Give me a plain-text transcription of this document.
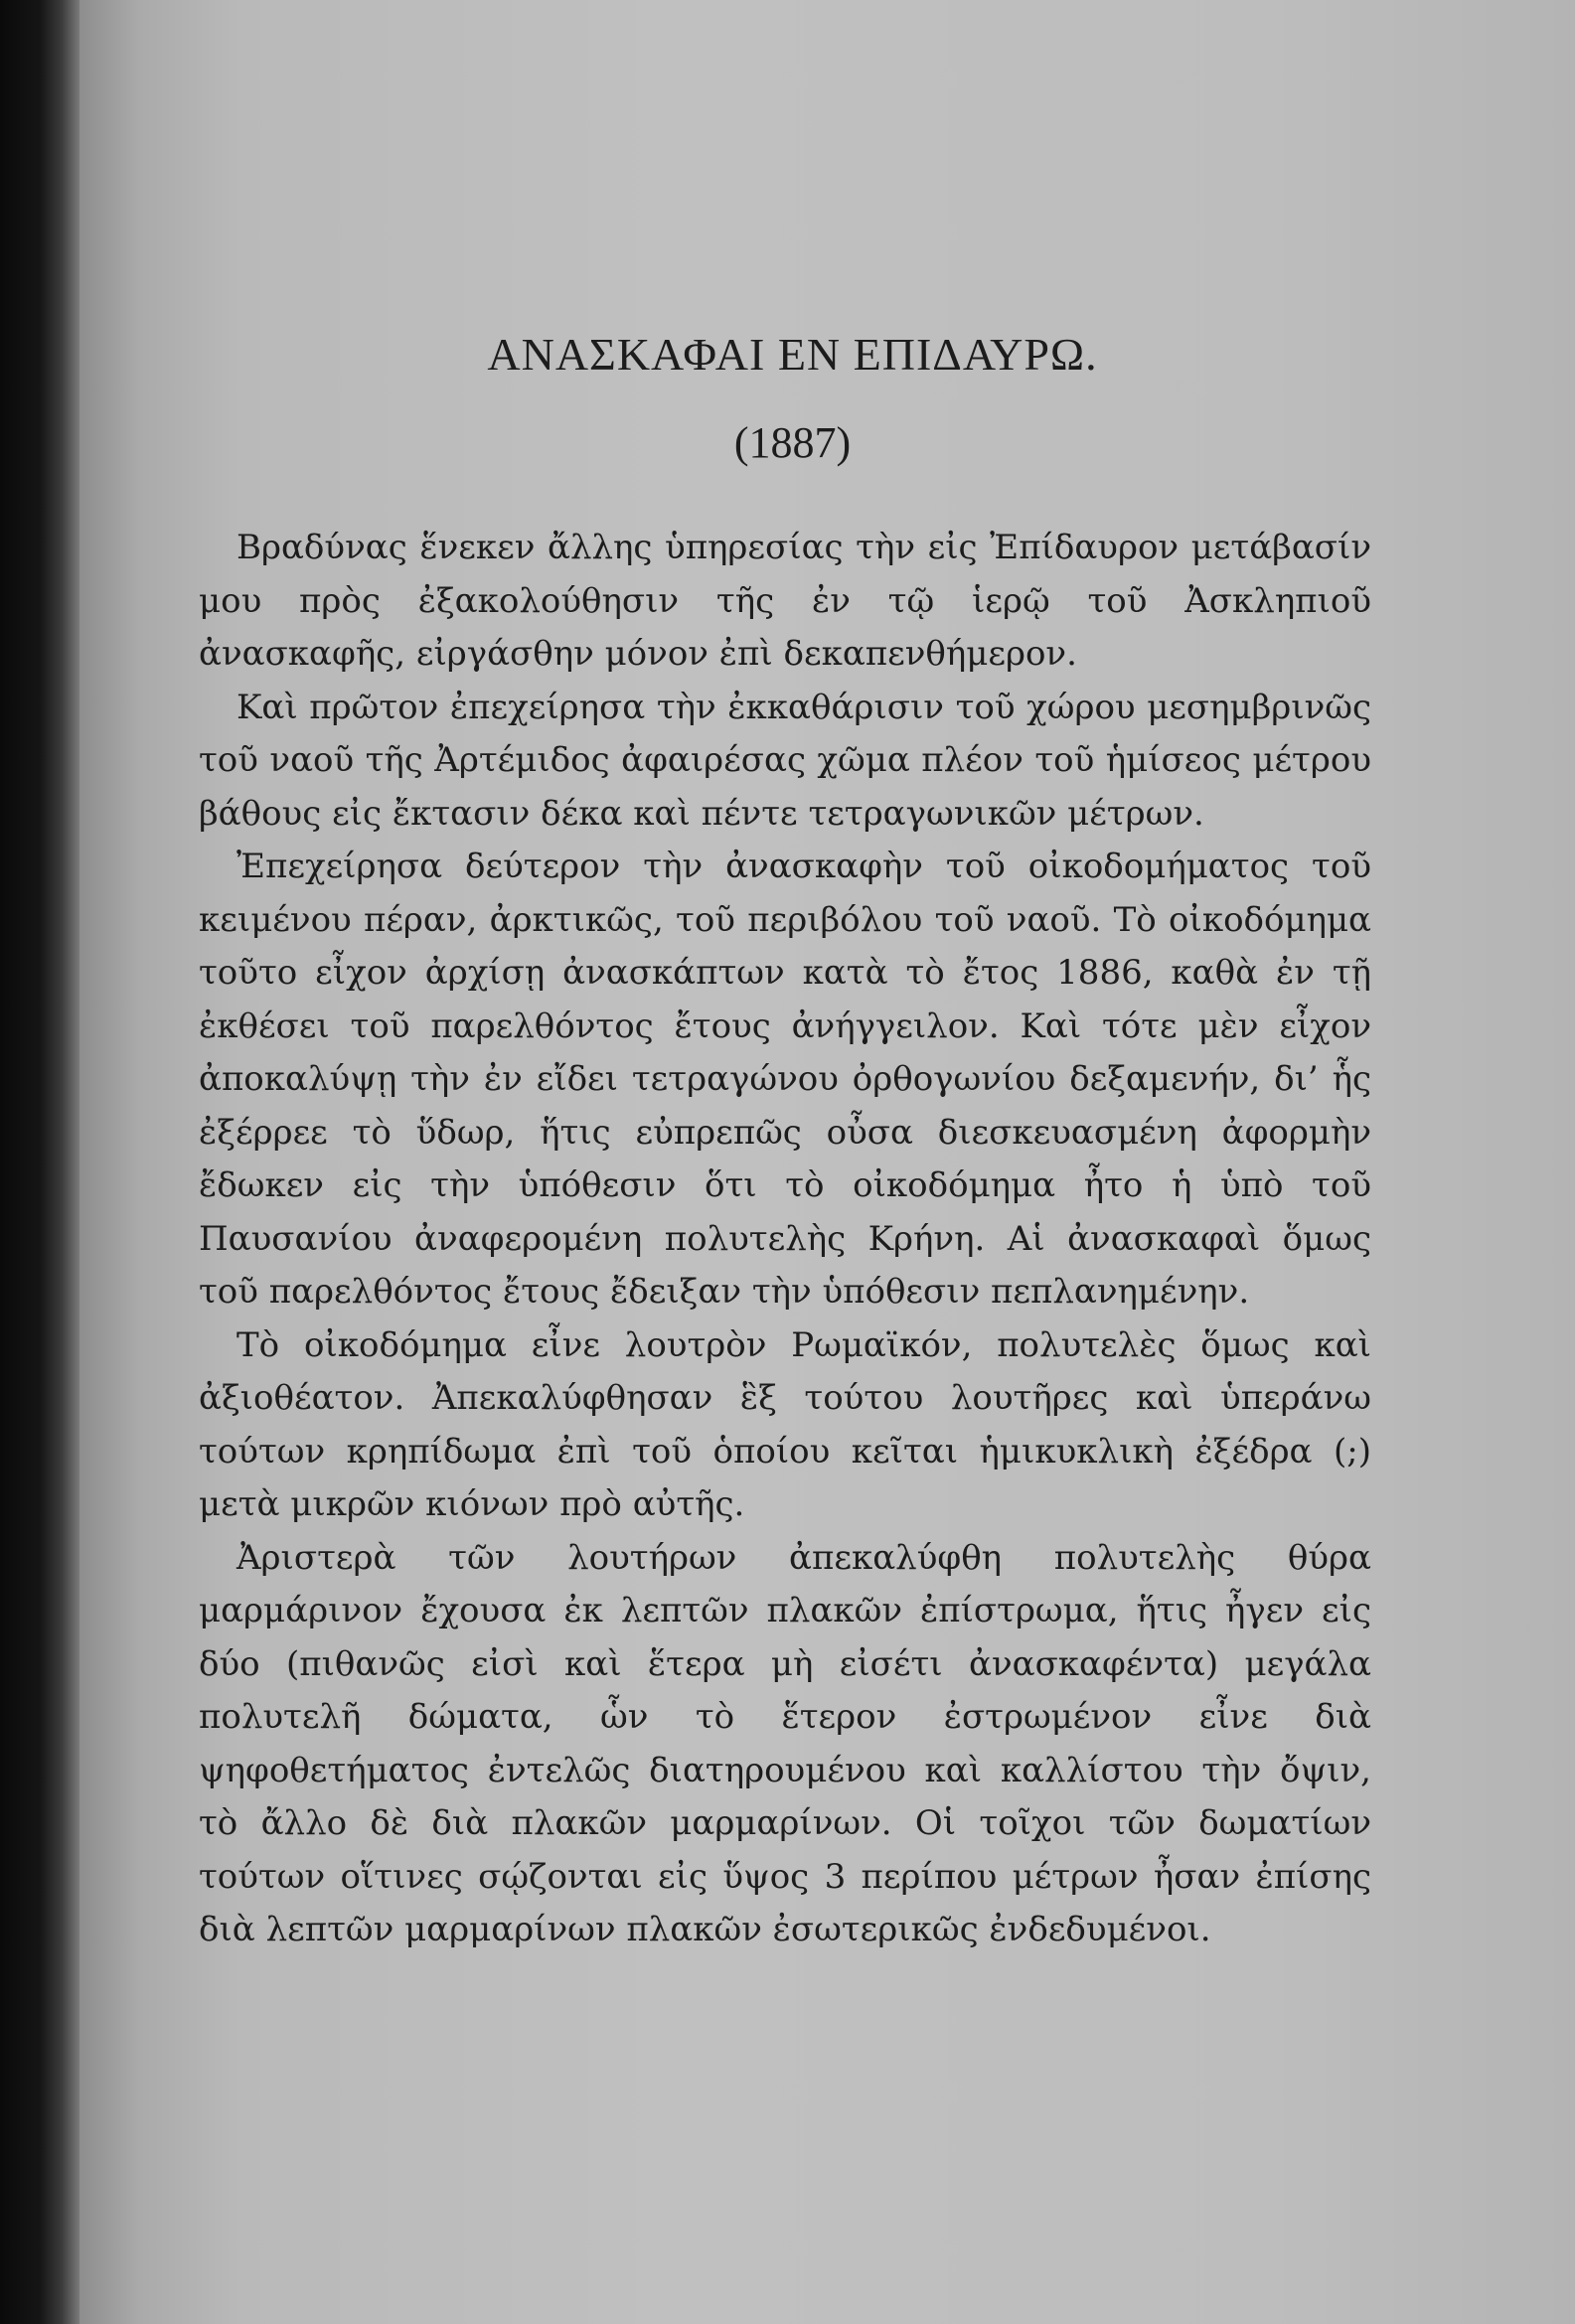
ΑΝΑΣΚΑΦΑΙ ΕΝ ΕΠΙΔΑΥΡΩ.
(1887)

Βραδύνας ἕνεκεν ἄλλης ὑπηρεσίας τὴν εἰς Ἐπίδαυρον μετάβασίν μου πρὸς ἐξακολούθησιν τῆς ἐν τῷ ἱερῷ τοῦ Ἀσκληπιοῦ ἀνασκαφῆς, εἰργάσθην μόνον ἐπὶ δεκαπενθήμερον.

Καὶ πρῶτον ἐπεχείρησα τὴν ἐκκαθάρισιν τοῦ χώρου μεσημβρινῶς τοῦ ναοῦ τῆς Ἀρτέμιδος ἀφαιρέσας χῶμα πλέον τοῦ ἡμίσεος μέτρου βάθους εἰς ἔκτασιν δέκα καὶ πέντε τετραγωνικῶν μέτρων.

Ἐπεχείρησα δεύτερον τὴν ἀνασκαφὴν τοῦ οἰκοδομήματος τοῦ κειμένου πέραν, ἀρκτικῶς, τοῦ περιβόλου τοῦ ναοῦ. Τὸ οἰκοδόμημα τοῦτο εἶχον ἀρχίσῃ ἀνασκάπτων κατὰ τὸ ἔτος 1886, καθὰ ἐν τῇ ἐκθέσει τοῦ παρελθόντος ἔτους ἀνήγγειλον. Καὶ τότε μὲν εἶχον ἀποκαλύψῃ τὴν ἐν εἴδει τετραγώνου ὀρθογωνίου δεξαμενήν, δι’ ἧς ἐξέρρεε τὸ ὕδωρ, ἥτις εὐπρεπῶς οὖσα διεσκευασμένη ἀφορμὴν ἔδωκεν εἰς τὴν ὑπόθεσιν ὅτι τὸ οἰκοδόμημα ἦτο ἡ ὑπὸ τοῦ Παυσανίου ἀναφερομένη πολυτελὴς Κρήνη. Αἱ ἀνασκαφαὶ ὅμως τοῦ παρελθόντος ἔτους ἔδειξαν τὴν ὑπόθεσιν πεπλανημένην.

Τὸ οἰκοδόμημα εἶνε λουτρὸν Ρωμαϊκόν, πολυτελὲς ὅμως καὶ ἀξιοθέατον. Ἀπεκαλύφθησαν ἓξ τούτου λουτῆρες καὶ ὑπεράνω τούτων κρηπίδωμα ἐπὶ τοῦ ὁποίου κεῖται ἡμικυκλικὴ ἐξέδρα (;) μετὰ μικρῶν κιόνων πρὸ αὐτῆς.

Ἀριστερὰ τῶν λουτήρων ἀπεκαλύφθη πολυτελὴς θύρα μαρμάρινον ἔχουσα ἐκ λεπτῶν πλακῶν ἐπίστρωμα, ἥτις ἦγεν εἰς δύο (πιθανῶς εἰσὶ καὶ ἕτερα μὴ εἰσέτι ἀνασκαφέντα) μεγάλα πολυτελῆ δώματα, ὧν τὸ ἕτερον ἐστρωμένον εἶνε διὰ ψηφοθετήματος ἐντελῶς διατηρουμένου καὶ καλλίστου τὴν ὄψιν, τὸ ἄλλο δὲ διὰ πλακῶν μαρμαρίνων. Οἱ τοῖχοι τῶν δωματίων τούτων οἵτινες σῴζονται εἰς ὕψος 3 περίπου μέτρων ἦσαν ἐπίσης διὰ λεπτῶν μαρμαρίνων πλακῶν ἐσωτερικῶς ἐνδεδυμένοι.
